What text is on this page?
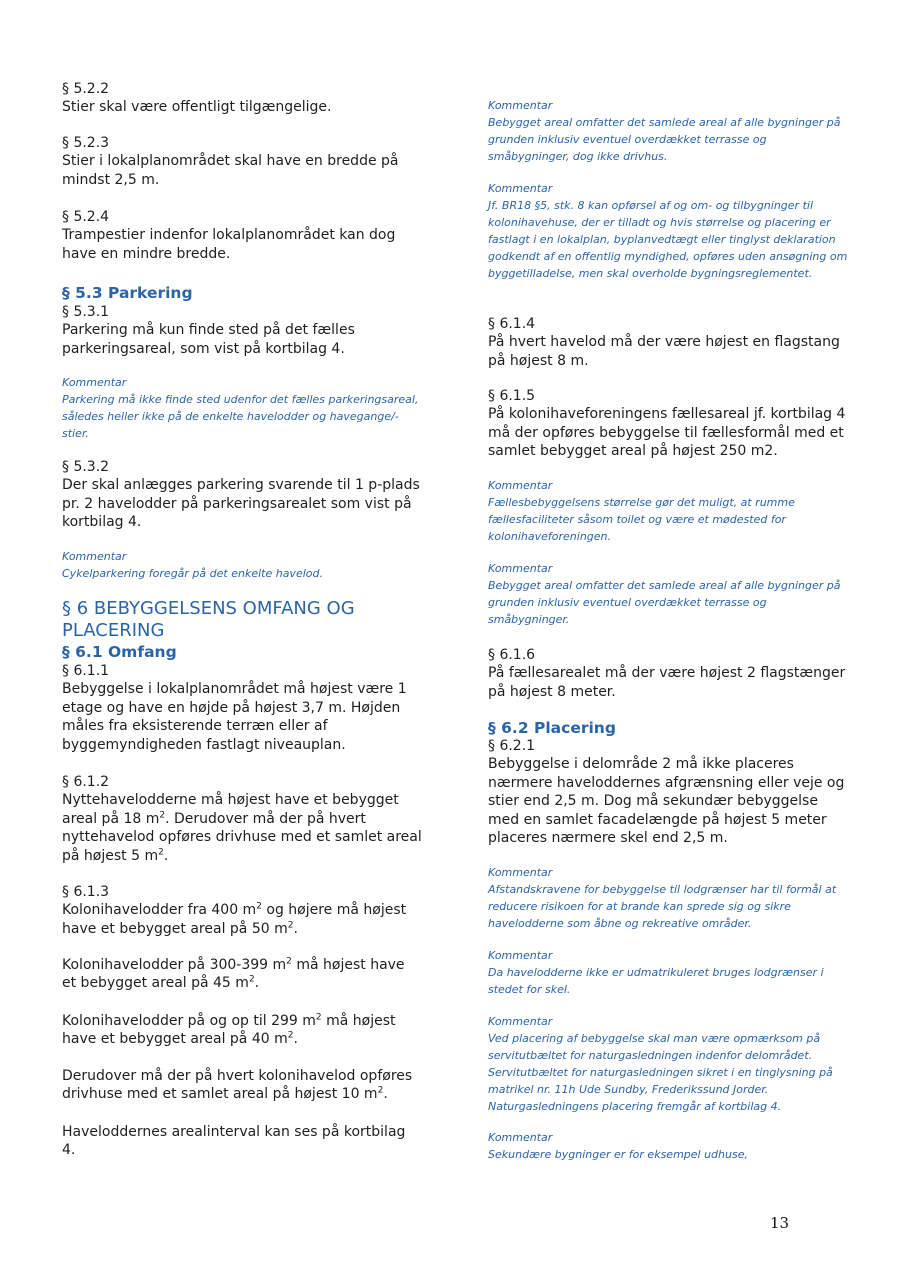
§ 5.2.2
Stier skal være offentligt tilgængelige.

§ 5.2.3
Stier i lokalplanområdet skal have en bredde på mindst 2,5 m.

§ 5.2.4
Trampestier indenfor lokalplanområdet kan dog have en mindre bredde.

§ 5.3 Parkering

§ 5.3.1
Parkering må kun finde sted på det fælles parkeringsareal, som vist på kortbilag 4.

Kommentar

Parkering må ikke finde sted udenfor det fælles parkeringsareal, således heller ikke på de enkelte havelodder og havegange/-stier.

§ 5.3.2
Der skal anlægges parkering svarende til 1 p-plads pr. 2 havelodder på parkeringsarealet som vist på kortbilag 4.

Kommentar

Cykelparkering foregår på det enkelte havelod.

§ 6 BEBYGGELSENS OMFANG OG PLACERING

§ 6.1 Omfang

§ 6.1.1
Bebyggelse i lokalplanområdet må højest være 1 etage og have en højde på højest 3,7 m. Højden måles fra eksisterende terræn eller af byggemyndigheden fastlagt niveauplan.

§ 6.1.2
Nyttehavelodderne må højest have et bebygget areal på 18 $m^2$. Derudover må der på hvert nyttehavelod opføres drivhuse med et samlet areal på højest 5 $m^2$.

§ 6.1.3
Kolonihavelodder fra 400 $m^2$ og højere må højest have et bebygget areal på 50 $m^2$.

Kolonihavelodder på 300-399 $m^2$ må højest have et bebygget areal på 45 $m^2$.

Kolonihavelodder på og op til 299 $m^2$ må højest have et bebygget areal på 40 $m^2$.

Derudover må der på hvert kolonihavelod opføres drivhuse med et samlet areal på højest 10 $m^2$.

Haveloddernes arealinterval kan ses på kortbilag 4.

Kommentar

Bebygget areal omfatter det samlede areal af alle bygninger på grunden inklusiv eventuel overdækket terrasse og småbygninger, dog ikke drivhus.

Kommentar

Jf. BR18 §5, stk. 8 kan opførsel af og om- og tilbygninger til kolonihavehuse, der er tilladt og hvis størrelse og placering er fastlagt i en lokalplan, byplanvedtægt eller tinglyst deklaration godkendt af en offentlig myndighed, opføres uden ansøgning om byggetilladelse, men skal overholde bygningsreglementet.

§ 6.1.4
På hvert havelod må der være højest en flagstang på højest 8 m.

§ 6.1.5
På kolonihaveforeningens fællesareal jf. kortbilag 4 må der opføres bebyggelse til fællesformål med et samlet bebygget areal på højest 250 m2.

Kommentar

Fællesbebyggelsens størrelse gør det muligt, at rumme fællesfaciliteter såsom toilet og være et mødested for kolonihaveforeningen.

Kommentar

Bebygget areal omfatter det samlede areal af alle bygninger på grunden inklusiv eventuel overdækket terrasse og småbygninger.

§ 6.1.6
På fællesarealet må der være højest 2 flagstænger på højest 8 meter.

§ 6.2 Placering

§ 6.2.1
Bebyggelse i delområde 2 må ikke placeres nærmere haveloddernes afgrænsning eller veje og stier end 2,5 m. Dog må sekundær bebyggelse med en samlet facadelængde på højest 5 meter placeres nærmere skel end 2,5 m.

Kommentar

Afstandskravene for bebyggelse til lodgrænser har til formål at reducere risikoen for at brande kan sprede sig og sikre havelodderne som åbne og rekreative områder.

Kommentar

Da havelodderne ikke er udmatrikuleret bruges lodgrænser i stedet for skel.

Kommentar

Ved placering af bebyggelse skal man være opmærksom på servitutbæltet for naturgasledningen indenfor delområdet. Servitutbæltet for naturgasledningen sikret i en tinglysning på matrikel nr. 11h Ude Sundby, Frederikssund Jorder. Naturgasledningens placering fremgår af kortbilag 4.

Kommentar

Sekundære bygninger er for eksempel udhuse,

13
